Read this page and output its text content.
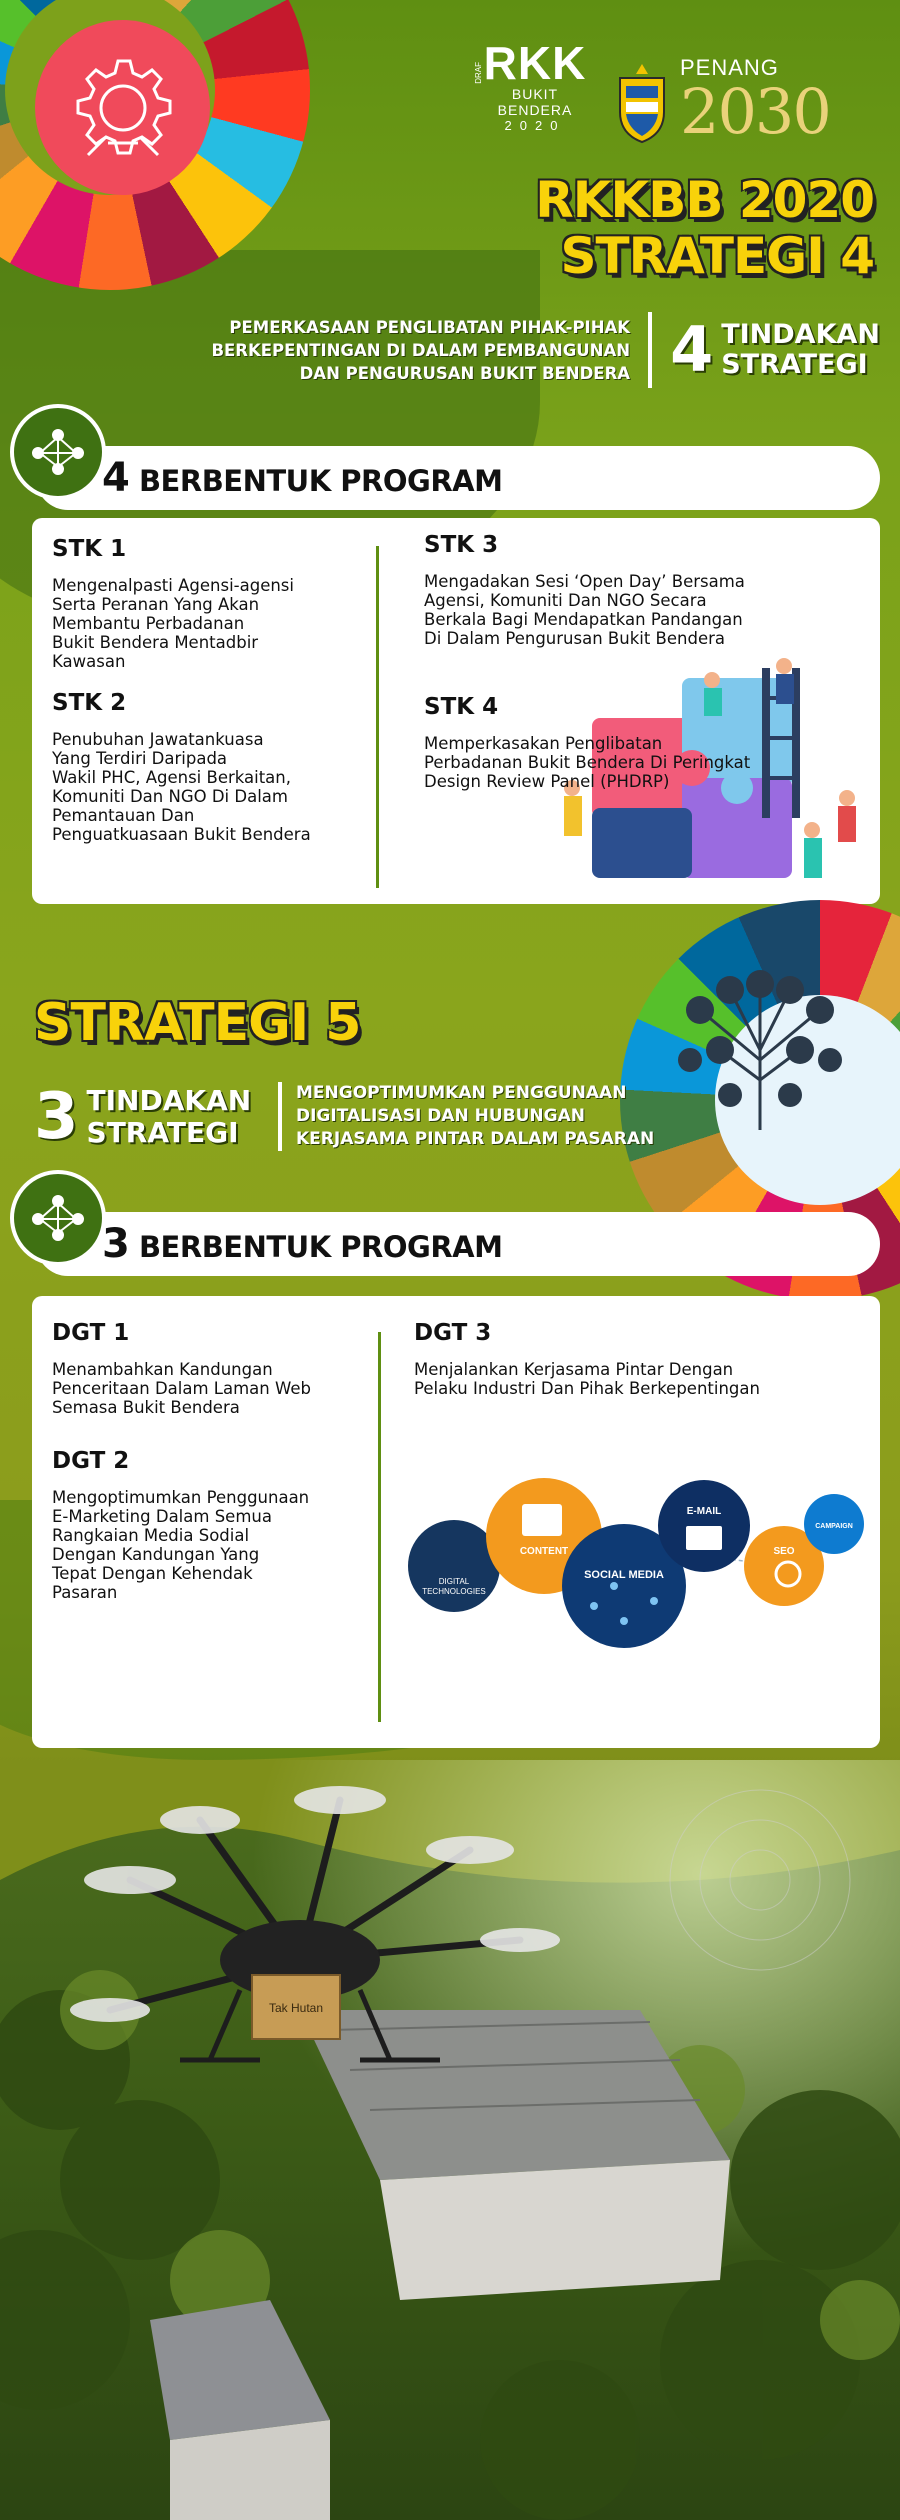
DRAF RKK
BUKIT BENDERA
2020
PENANG
2030
RKKBB 2020
STRATEGI 4
PEMERKASAAN PENGLIBATAN PIHAK-PIHAK
BERKEPENTINGAN DI DALAM PEMBANGUNAN
DAN PENGURUSAN BUKIT BENDERA 4 TINDAKAN
STRATEGI
4 BERBENTUK PROGRAM
STK 1
Mengenalpasti Agensi-agensi
Serta Peranan Yang Akan
Membantu Perbadanan
Bukit Bendera Mentadbir
Kawasan
STK 2
Penubuhan Jawatankuasa
Yang Terdiri Daripada
Wakil PHC, Agensi Berkaitan,
Komuniti Dan NGO Di Dalam
Pemantauan Dan
Penguatkuasaan Bukit Bendera
STK 3
Mengadakan Sesi ‘Open Day’ Bersama
Agensi, Komuniti Dan NGO Secara
Berkala Bagi Mendapatkan Pandangan
Di Dalam Pengurusan Bukit Bendera
STK 4
Memperkasakan Penglibatan
Perbadanan Bukit Bendera Di Peringkat
Design Review Panel (PHDRP)
STRATEGI 5
3 TINDAKAN
STRATEGI
MENGOPTIMUMKAN PENGGUNAAN
DIGITALISASI DAN HUBUNGAN
KERJASAMA PINTAR DALAM PASARAN
3 BERBENTUK PROGRAM
DGT 1
Menambahkan Kandungan
Penceritaan Dalam Laman Web
Semasa Bukit Bendera
DGT 2
Mengoptimumkan Penggunaan
E-Marketing Dalam Semua
Rangkaian Media Sodial
Dengan Kandungan Yang
Tepat Dengan Kehendak
Pasaran
DGT 3
Menjalankan Kerjasama Pintar Dengan
Pelaku Industri Dan Pihak Berkepentingan
DIGITAL
TECHNOLOGIES
CONTENT
SOCIAL MEDIA
E-MAIL
SEO
CAMPAIGN
Tak Hutan
